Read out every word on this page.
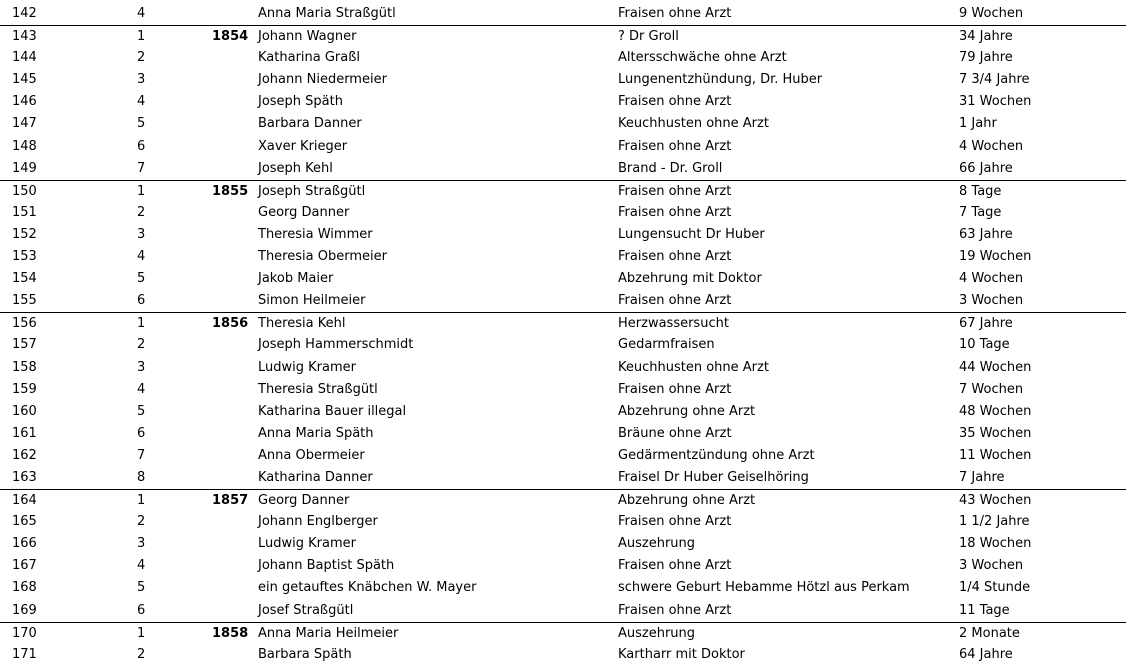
142	4	Anna Maria Straßgütl	Fraisen ohne Arzt	9 Wochen
143	1	1854 Johann Wagner	? Dr Groll	34 Jahre
144	2	Katharina Graßl	Altersschwäche ohne Arzt	79 Jahre
145	3	Johann Niedermeier	Lungenentzhündung, Dr. Huber	7 3/4 Jahre
146	4	Joseph Späth	Fraisen ohne Arzt	31 Wochen
147	5	Barbara Danner	Keuchhusten ohne Arzt	1 Jahr
148	6	Xaver Krieger	Fraisen ohne Arzt	4 Wochen
149	7	Joseph Kehl	Brand - Dr. Groll	66 Jahre
150	1	1855 Joseph Straßgütl	Fraisen ohne Arzt	8 Tage
151	2	Georg Danner	Fraisen ohne Arzt	7 Tage
152	3	Theresia Wimmer	Lungensucht Dr Huber	63 Jahre
153	4	Theresia Obermeier	Fraisen ohne Arzt	19 Wochen
154	5	Jakob Maier	Abzehrung mit Doktor	4 Wochen
155	6	Simon Heilmeier	Fraisen ohne Arzt	3 Wochen
156	1	1856 Theresia Kehl	Herzwassersucht	67 Jahre
157	2	Joseph Hammerschmidt	Gedarmfraisen	10 Tage
158	3	Ludwig Kramer	Keuchhusten ohne Arzt	44 Wochen
159	4	Theresia Straßgütl	Fraisen ohne Arzt	7 Wochen
160	5	Katharina Bauer illegal	Abzehrung ohne Arzt	48 Wochen
161	6	Anna Maria Späth	Bräune ohne Arzt	35 Wochen
162	7	Anna Obermeier	Gedärmentzündung ohne Arzt	11 Wochen
163	8	Katharina Danner	Fraisel Dr Huber Geiselhöring	7 Jahre
164	1	1857 Georg Danner	Abzehrung ohne Arzt	43 Wochen
165	2	Johann Englberger	Fraisen ohne Arzt	1 1/2 Jahre
166	3	Ludwig Kramer	Auszehrung	18 Wochen
167	4	Johann Baptist Späth	Fraisen ohne Arzt	3 Wochen
168	5	ein getauftes Knäbchen W. Mayer	schwere Geburt Hebamme Hötzl aus Perkam	1/4 Stunde
169	6	Josef Straßgütl	Fraisen ohne Arzt	11 Tage
170	1	1858 Anna Maria Heilmeier	Auszehrung	2 Monate
171	2	Barbara Späth	Kartharr mit Doktor	64 Jahre
